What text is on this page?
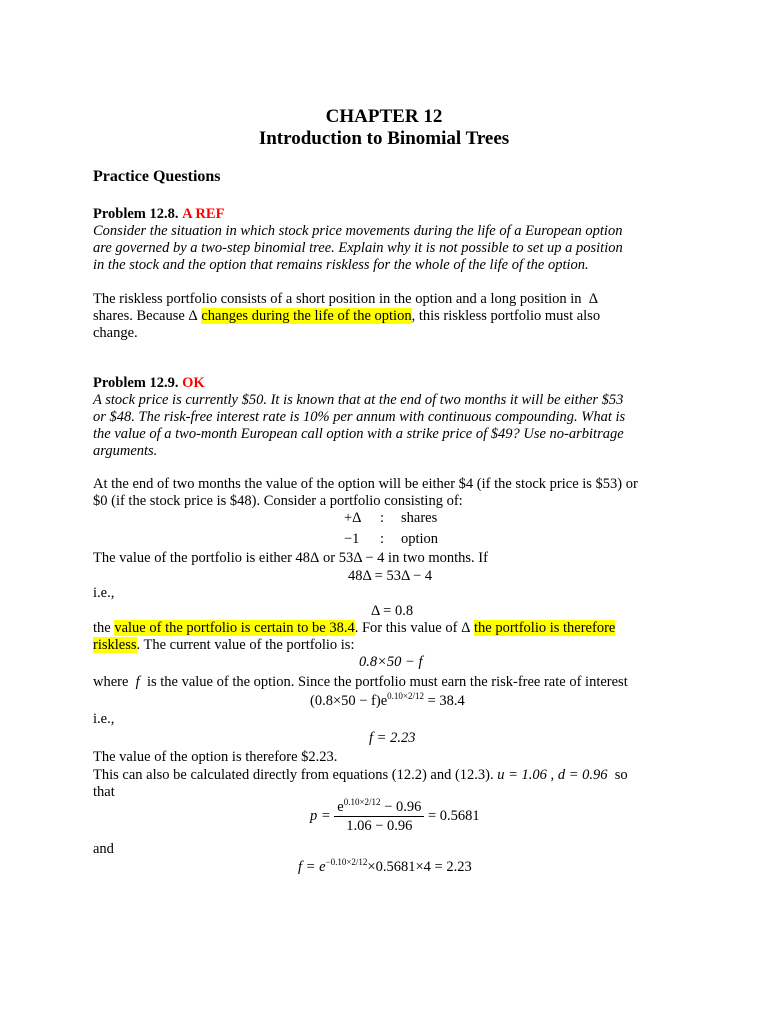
CHAPTER 12
Introduction to Binomial Trees
Practice Questions
Problem 12.8. A REF
Consider the situation in which stock price movements during the life of a European option
are governed by a two-step binomial tree. Explain why it is not possible to set up a position
in the stock and the option that remains riskless for the whole of the life of the option.
The riskless portfolio consists of a short position in the option and a long position in Δ
shares. Because Δ changes during the life of the option, this riskless portfolio must also
change.
Problem 12.9. OK
A stock price is currently $50. It is known that at the end of two months it will be either $53
or $48. The risk-free interest rate is 10% per annum with continuous compounding. What is
the value of a two-month European call option with a strike price of $49? Use no-arbitrage
arguments.
At the end of two months the value of the option will be either $4 (if the stock price is $53) or
$0 (if the stock price is $48). Consider a portfolio consisting of:
+Δ : shares
−1 : option
The value of the portfolio is either 48Δ or 53Δ − 4 in two months. If
48Δ = 53Δ − 4
i.e.,
Δ = 0.8
the value of the portfolio is certain to be 38.4. For this value of Δ the portfolio is therefore
riskless. The current value of the portfolio is:
0.8×50 − f
where f is the value of the option. Since the portfolio must earn the risk-free rate of interest
$(0.8\times 50 - f)e^{0.10\times 2/12} = 38.4$
i.e.,
f = 2.23
The value of the option is therefore $2.23.
This can also be calculated directly from equations (12.2) and (12.3). u = 1.06 , d = 0.96 so
that
$p = \frac{e^{0.10\times 2/12} - 0.96}{1.06 - 0.96} = 0.5681$
and
$f = e^{-0.10\times 2/12}\times 0.5681\times 4 = 2.23$
